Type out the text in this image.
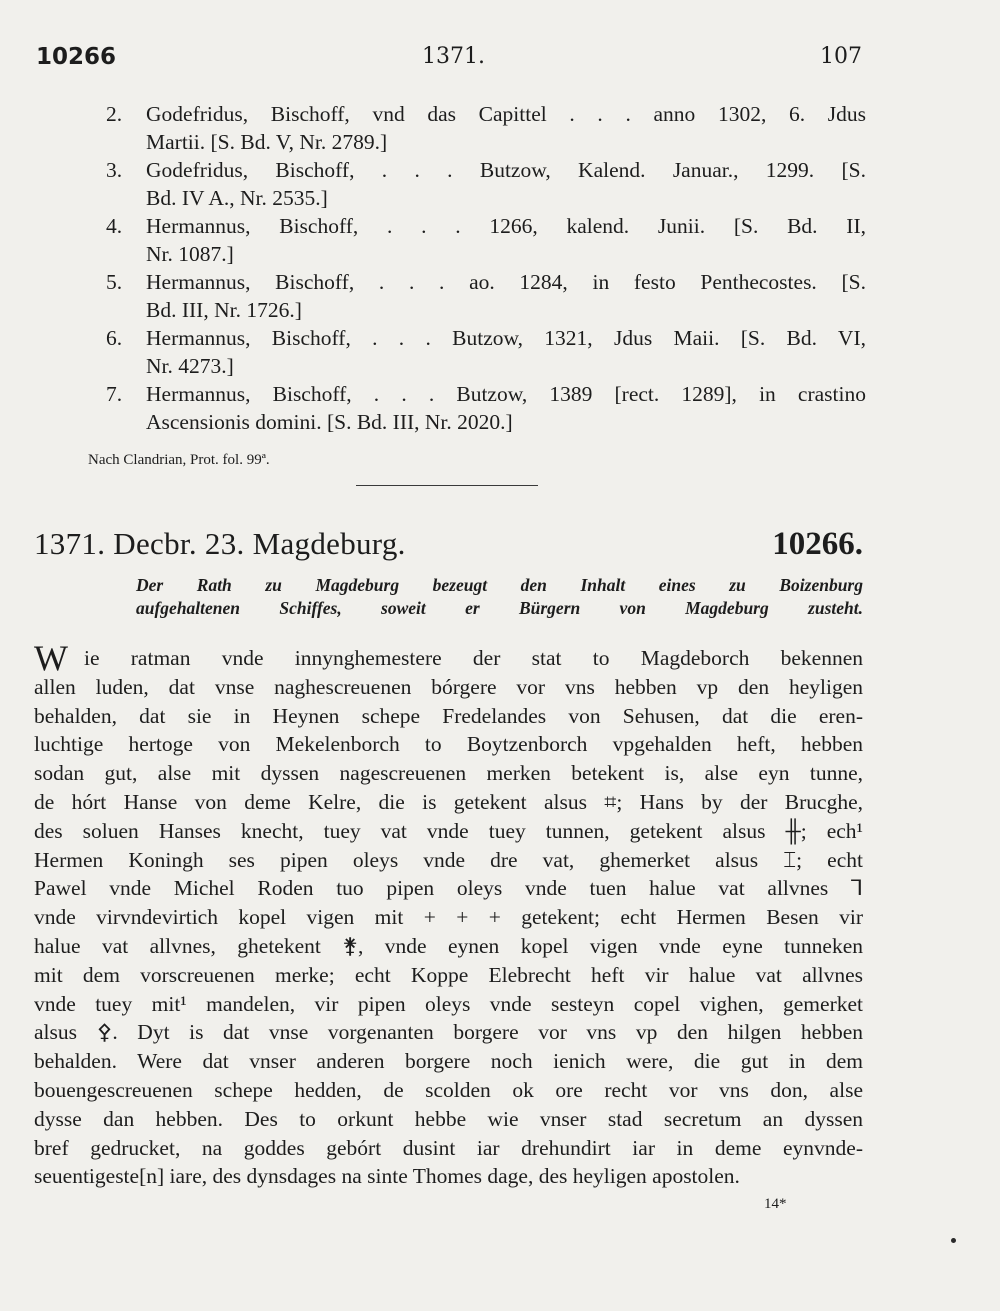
10266	1371.	107
2.	Godefridus, Bischoff, vnd das Capittel . . . anno 1302, 6. Jdus
Martii. [S. Bd. V, Nr. 2789.]
3.	Godefridus, Bischoff, . . . Butzow, Kalend. Januar., 1299. [S.
Bd. IV A., Nr. 2535.]
4.	Hermannus, Bischoff, . . . 1266, kalend. Junii. [S. Bd. II,
Nr. 1087.]
5.	Hermannus, Bischoff, . . . ao. 1284, in festo Penthecostes. [S.
Bd. III, Nr. 1726.]
6.	Hermannus, Bischoff, . . . Butzow, 1321, Jdus Maii. [S. Bd. VI,
Nr. 4273.]
7.	Hermannus, Bischoff, . . . Butzow, 1389 [rect. 1289], in crastino
Ascensionis domini. [S. Bd. III, Nr. 2020.]
Nach Clandrian, Prot. fol. 99ª.
1371. Decbr. 23. Magdeburg.	10266.
Der Rath zu Magdeburg bezeugt den Inhalt eines zu Boizenburg
aufgehaltenen Schiffes, soweit er Bürgern von Magdeburg zusteht.
W ie ratman vnde innynghemestere der stat to Magdeborch bekennen
allen luden, dat vnse naghescreuenen bórgere vor vns hebben vp den heyligen
behalden, dat sie in Heynen schepe Fredelandes von Sehusen, dat die eren-
luchtige hertoge von Mekelenborch to Boytzenborch vpgehalden heft, hebben
sodan gut, alse mit dyssen nagescreuenen merken betekent is, alse eyn tunne,
de hórt Hanse von deme Kelre, die is getekent alsus ⌗; Hans by der Brucghe,
des soluen Hanses knecht, tuey vat vnde tuey tunnen, getekent alsus ╫; ech¹
Hermen Koningh ses pipen oleys vnde dre vat, ghemerket alsus ⌶; echt
Pawel vnde Michel Roden tuo pipen oleys vnde tuen halue vat allvnes ⅂
vnde virvndevirtich kopel vigen mit + + + getekent; echt Hermen Besen vir
halue vat allvnes, ghetekent ⚵, vnde eynen kopel vigen vnde eyne tunneken
mit dem vorscreuenen merke; echt Koppe Elebrecht heft vir halue vat allvnes
vnde tuey mit¹ mandelen, vir pipen oleys vnde sesteyn copel vighen, gemerket
alsus ⚴. Dyt is dat vnse vorgenanten borgere vor vns vp den hilgen hebben
behalden. Were dat vnser anderen borgere noch ienich were, die gut in dem
bouengescreuenen schepe hedden, de scolden ok ore recht vor vns don, alse
dysse dan hebben. Des to orkunt hebbe wie vnser stad secretum an dyssen
bref gedrucket, na goddes gebórt dusint iar drehundirt iar in deme eynvnde-
seuentigeste[n] iare, des dynsdages na sinte Thomes dage, des heyligen apostolen.
14*
